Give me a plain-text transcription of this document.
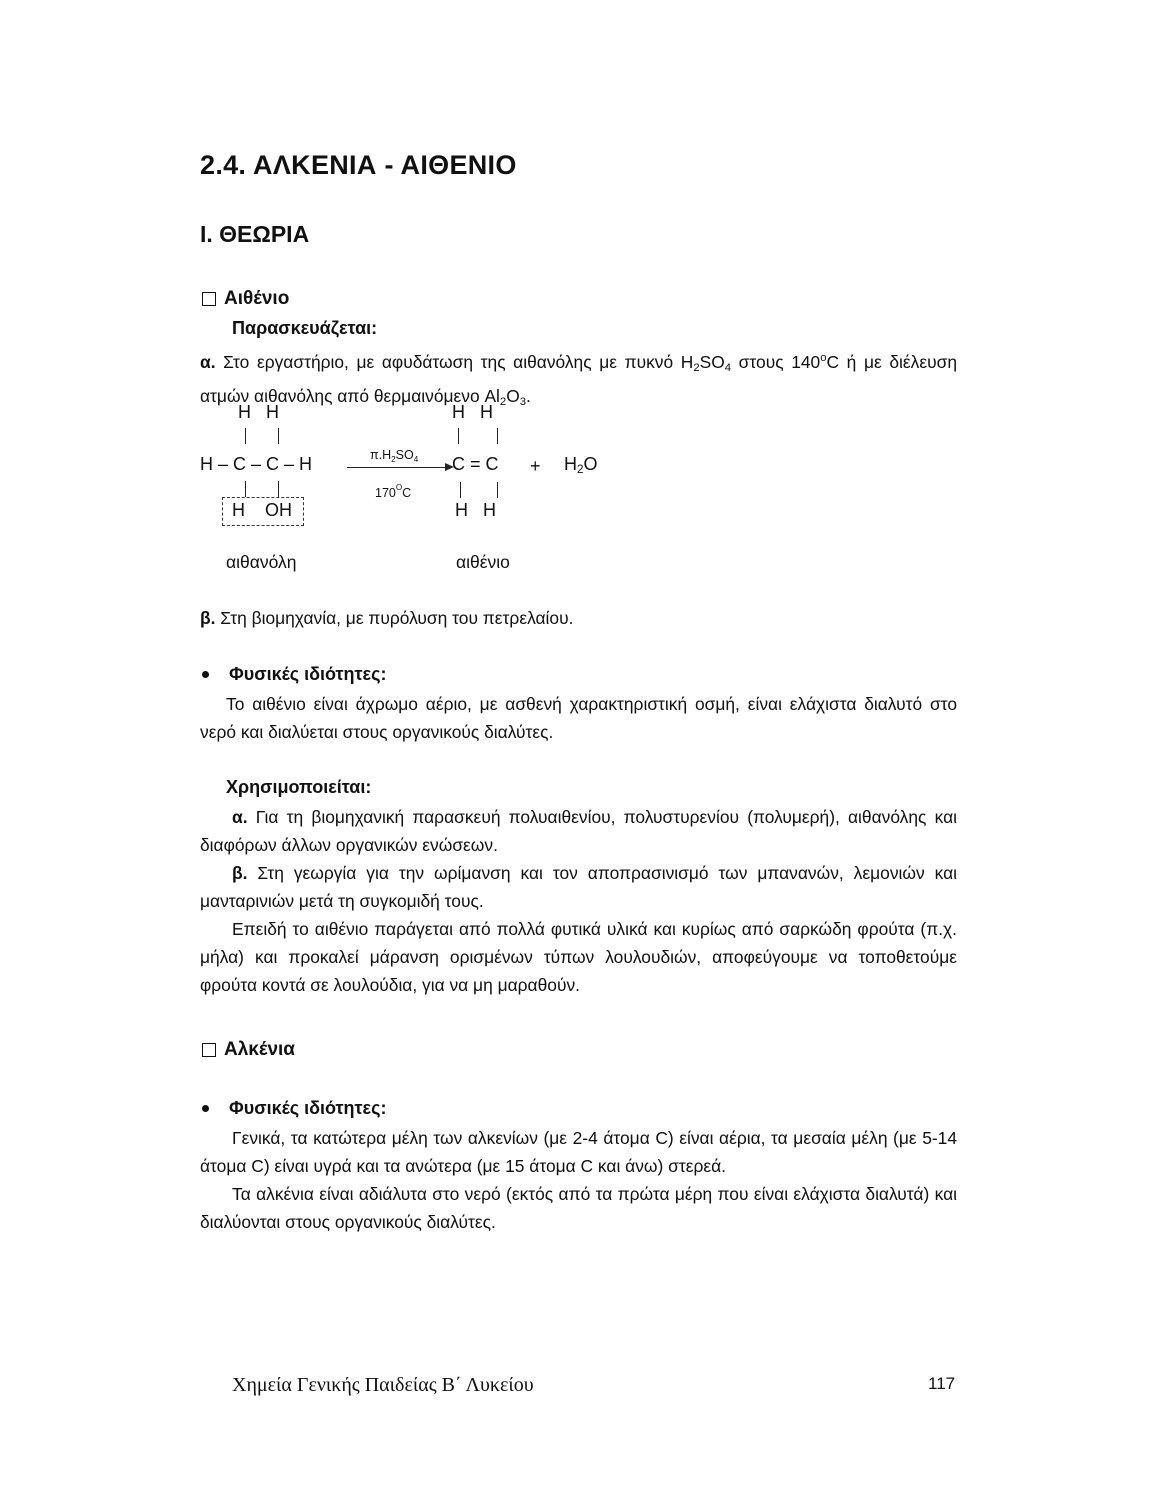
2.4. ΑΛΚΕΝΙΑ - ΑΙΘΕΝΙΟ
I. ΘΕΩΡΙΑ
Αιθένιο
Παρασκευάζεται:
α. Στο εργαστήριο, με αφυδάτωση της αιθανόλης με πυκνό $H_2SO_4$ στους 140$^o$C ή με διέλευση ατμών αιθανόλης από θερμαινόμενο $Al_2O_3$.
H   H
H – C – C – H
H    OH
$\pi.H_2SO_4$
$170^OC$
H   H
C = C
H   H
+ $H_2O$
αιθανόλη	αιθένιο
β. Στη βιομηχανία, με πυρόλυση του πετρελαίου.
Φυσικές ιδιότητες:
Το αιθένιο είναι άχρωμο αέριο, με ασθενή χαρακτηριστική οσμή, είναι ελάχιστα διαλυτό στο νερό και διαλύεται στους οργανικούς διαλύτες.
Χρησιμοποιείται:
α. Για τη βιομηχανική παρασκευή πολυαιθενίου, πολυστυρενίου (πολυμερή), αιθανόλης και διαφόρων άλλων οργανικών ενώσεων.
β. Στη γεωργία για την ωρίμανση και τον αποπρασινισμό των μπανανών, λεμονιών και μανταρινιών μετά τη συγκομιδή τους.
Επειδή το αιθένιο παράγεται από πολλά φυτικά υλικά και κυρίως από σαρκώδη φρούτα (π.χ. μήλα) και προκαλεί μάρανση ορισμένων τύπων λουλουδιών, αποφεύγουμε να τοποθετούμε φρούτα κοντά σε λουλούδια, για να μη μαραθούν.
Αλκένια
Φυσικές ιδιότητες:
Γενικά, τα κατώτερα μέλη των αλκενίων (με 2-4 άτομα C) είναι αέρια, τα μεσαία μέλη (με 5-14 άτομα C) είναι υγρά και τα ανώτερα (με 15 άτομα C και άνω) στερεά.
Τα αλκένια είναι αδιάλυτα στο νερό (εκτός από τα πρώτα μέρη που είναι ελάχιστα διαλυτά) και διαλύονται στους οργανικούς διαλύτες.
Χημεία Γενικής Παιδείας Β΄ Λυκείου	117
